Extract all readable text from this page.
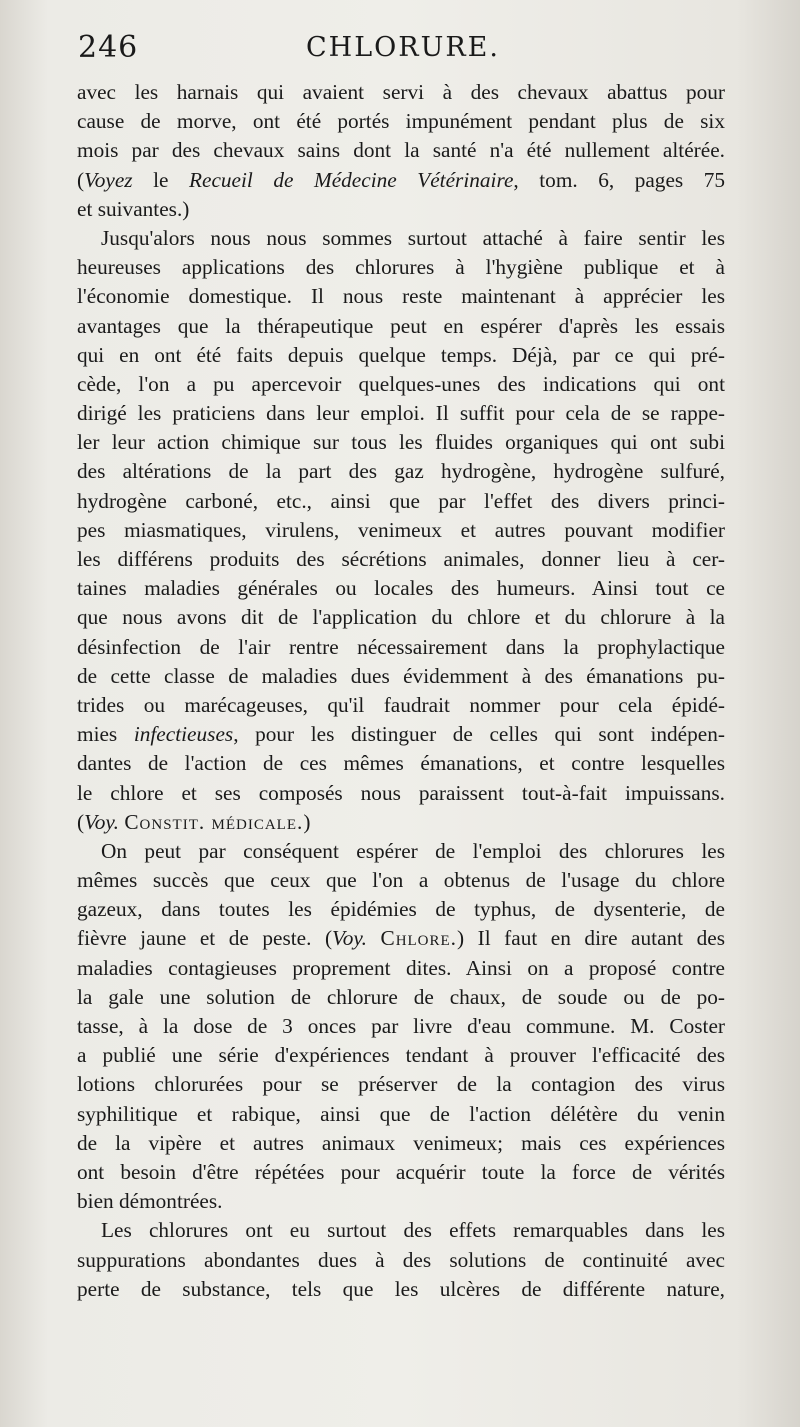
246	CHLORURE.
avec les harnais qui avaient servi à des chevaux abattus pour
cause de morve, ont été portés impunément pendant plus de six
mois par des chevaux sains dont la santé n'a été nullement altérée.
(Voyez le Recueil de Médecine Vétérinaire, tom. 6, pages 75
et suivantes.)
Jusqu'alors nous nous sommes surtout attaché à faire sentir les
heureuses applications des chlorures à l'hygiène publique et à
l'économie domestique. Il nous reste maintenant à apprécier les
avantages que la thérapeutique peut en espérer d'après les essais
qui en ont été faits depuis quelque temps. Déjà, par ce qui pré-
cède, l'on a pu apercevoir quelques-unes des indications qui ont
dirigé les praticiens dans leur emploi. Il suffit pour cela de se rappe-
ler leur action chimique sur tous les fluides organiques qui ont subi
des altérations de la part des gaz hydrogène, hydrogène sulfuré,
hydrogène carboné, etc., ainsi que par l'effet des divers princi-
pes miasmatiques, virulens, venimeux et autres pouvant modifier
les différens produits des sécrétions animales, donner lieu à cer-
taines maladies générales ou locales des humeurs. Ainsi tout ce
que nous avons dit de l'application du chlore et du chlorure à la
désinfection de l'air rentre nécessairement dans la prophylactique
de cette classe de maladies dues évidemment à des émanations pu-
trides ou marécageuses, qu'il faudrait nommer pour cela épidé-
mies infectieuses, pour les distinguer de celles qui sont indépen-
dantes de l'action de ces mêmes émanations, et contre lesquelles
le chlore et ses composés nous paraissent tout-à-fait impuissans.
(Voy. Constit. médicale.)
On peut par conséquent espérer de l'emploi des chlorures les
mêmes succès que ceux que l'on a obtenus de l'usage du chlore
gazeux, dans toutes les épidémies de typhus, de dysenterie, de
fièvre jaune et de peste. (Voy. Chlore.) Il faut en dire autant des
maladies contagieuses proprement dites. Ainsi on a proposé contre
la gale une solution de chlorure de chaux, de soude ou de po-
tasse, à la dose de 3 onces par livre d'eau commune. M. Coster
a publié une série d'expériences tendant à prouver l'efficacité des
lotions chlorurées pour se préserver de la contagion des virus
syphilitique et rabique, ainsi que de l'action délétère du venin
de la vipère et autres animaux venimeux; mais ces expériences
ont besoin d'être répétées pour acquérir toute la force de vérités
bien démontrées.
Les chlorures ont eu surtout des effets remarquables dans les
suppurations abondantes dues à des solutions de continuité avec
perte de substance, tels que les ulcères de différente nature,
